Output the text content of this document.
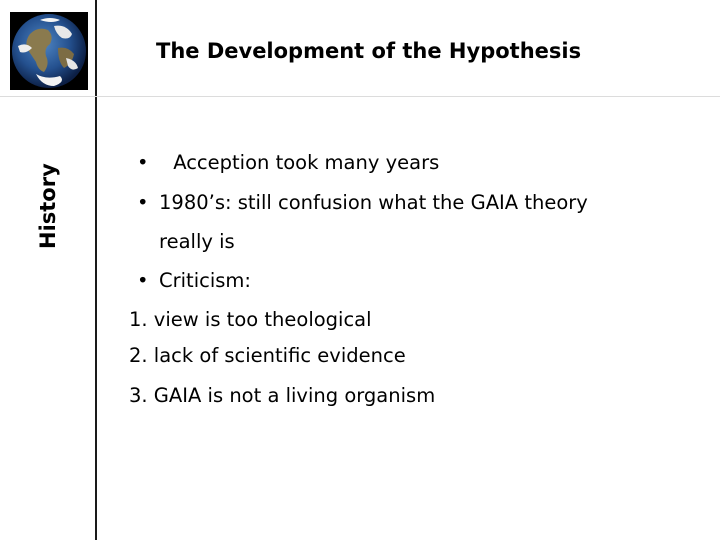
History
The Development of the Hypothesis
• Acception took many years
• 1980’s: still confusion what the GAIA theory
really is
• Criticism:
1. view is too theological
2. lack of scientific evidence
3. GAIA is not a living organism
